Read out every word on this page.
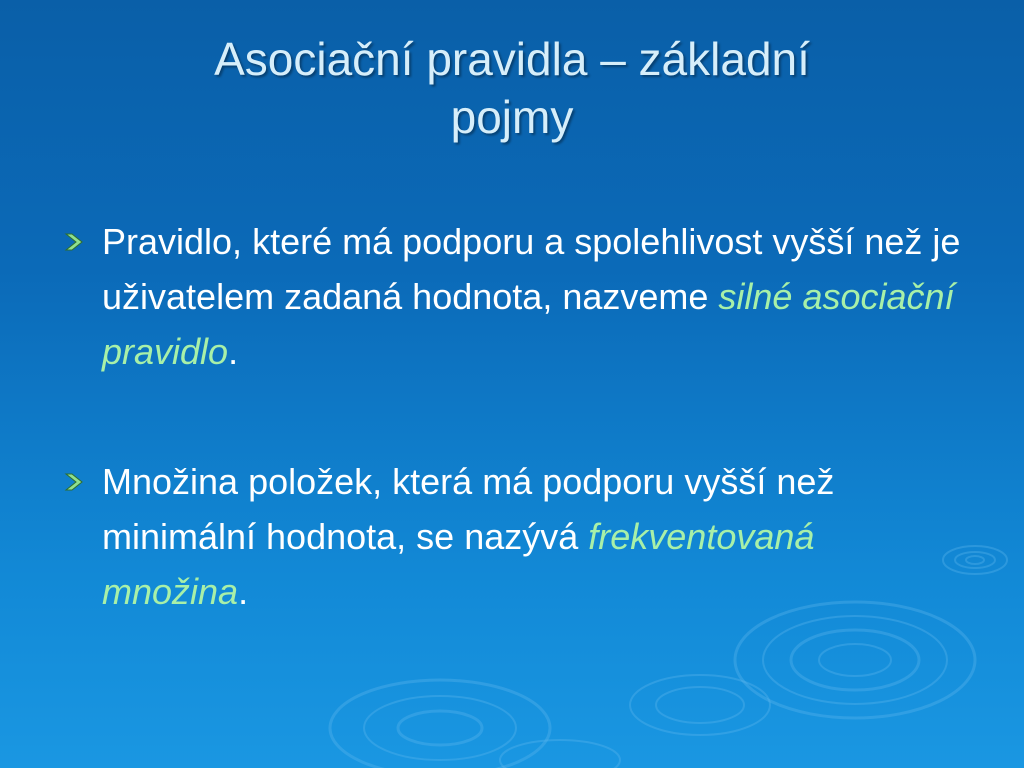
Asociační pravidla – základní
pojmy
Pravidlo, které má podporu a spolehlivost vyšší než je uživatelem zadaná hodnota, nazveme silné asociační pravidlo.
Množina položek, která má podporu vyšší než minimální hodnota, se nazývá frekventovaná množina.
